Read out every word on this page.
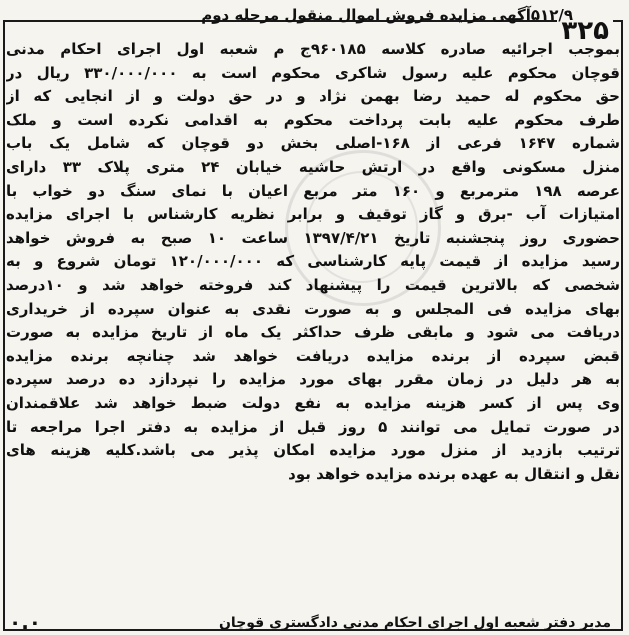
۳۲۵
۰.۰
۵۱۲/۹آگهی مزایده فروش اموال منقول مرحله دوم
بموجب اجرائیه صادره کلاسه ۹۶۰۱۸۵ج م شعبه اول اجرای احکام مدنی
قوچان محکوم علیه رسول شاکری محکوم است به ۳۳۰/۰۰۰/۰۰۰ ریال در
حق محکوم له حمید رضا بهمن نژاد و در حق دولت و از انجایی که از
طرف محکوم علیه بابت پرداخت محکوم به اقدامی نکرده است و ملک
شماره ۱۶۴۷ فرعی از ۱۶۸-اصلی بخش دو قوچان که شامل یک باب
منزل مسکونی واقع در ارتش حاشیه خیابان ۲۴ متری پلاک ۳۳ دارای
عرصه ۱۹۸ مترمربع و ۱۶۰ متر مربع اعیان با نمای سنگ دو خواب با
امتیازات آب -برق و گاز توقیف و برابر نظریه کارشناس با اجرای مزایده
حضوری روز پنجشنبه تاریخ ۱۳۹۷/۴/۲۱ ساعت ۱۰ صبح به فروش خواهد
رسید مزایده از قیمت پایه کارشناسی که ۱۲۰/۰۰۰/۰۰۰ تومان شروع و به
شخصی که بالاترین قیمت را پیشنهاد کند فروخته خواهد شد و ۱۰درصد
بهای مزایده فی المجلس و به صورت نقدی به عنوان سپرده از خریداری
دریافت می شود و مابقی ظرف حداکثر یک ماه از تاریخ مزایده به صورت
قبض سپرده از برنده مزایده دریافت خواهد شد چنانچه برنده مزایده
به هر دلیل در زمان مقرر بهای مورد مزایده را نپردازد ده درصد سپرده
وی پس از کسر هزینه مزایده به نفع دولت ضبط خواهد شد علاقمندان
در صورت تمایل می توانند ۵ روز قبل از مزایده به دفتر اجرا مراجعه تا
ترتیب بازدید از منزل مورد مزایده امکان پذیر می باشد.کلیه هزینه های
نقل و انتقال به عهده برنده مزایده خواهد بود
مدیر دفتر شعبه اول اجرای احکام مدنی دادگستری قوچان
